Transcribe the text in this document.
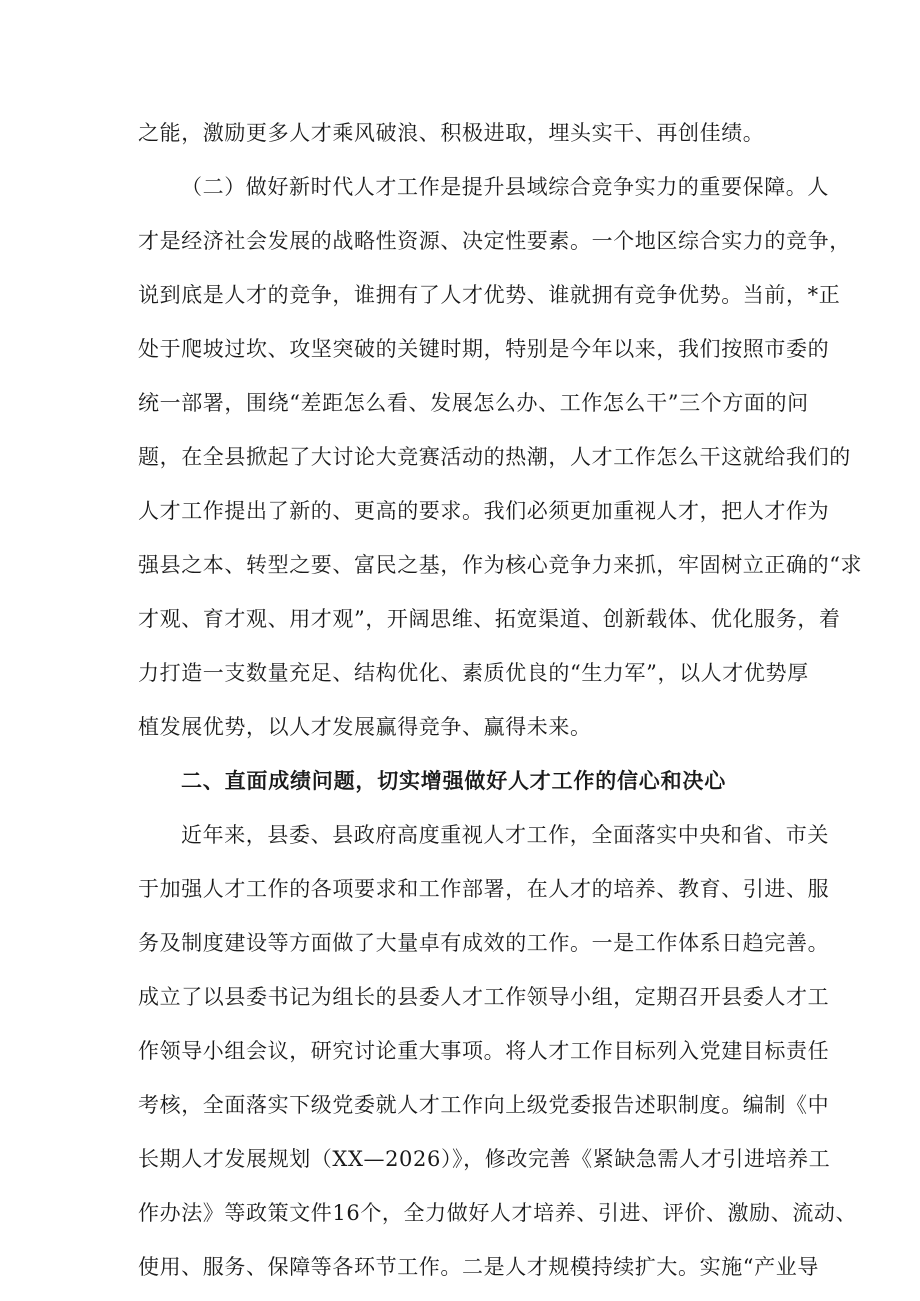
之能，激励更多人才乘风破浪、积极进取，埋头实干、再创佳绩。
（二）做好新时代人才工作是提升县域综合竞争实力的重要保障。人
才是经济社会发展的战略性资源、决定性要素。一个地区综合实力的竞争，
说到底是人才的竞争，谁拥有了人才优势、谁就拥有竞争优势。当前，*正
处于爬坡过坎、攻坚突破的关键时期，特别是今年以来，我们按照市委的
统一部署，围绕“差距怎么看、发展怎么办、工作怎么干”三个方面的问
题，在全县掀起了大讨论大竞赛活动的热潮，人才工作怎么干这就给我们的
人才工作提出了新的、更高的要求。我们必须更加重视人才，把人才作为
强县之本、转型之要、富民之基，作为核心竞争力来抓，牢固树立正确的“求
才观、育才观、用才观”，开阔思维、拓宽渠道、创新载体、优化服务，着
力打造一支数量充足、结构优化、素质优良的“生力军”，以人才优势厚
植发展优势，以人才发展赢得竞争、赢得未来。
二、直面成绩问题，切实增强做好人才工作的信心和决心
近年来，县委、县政府高度重视人才工作，全面落实中央和省、市关
于加强人才工作的各项要求和工作部署，在人才的培养、教育、引进、服
务及制度建设等方面做了大量卓有成效的工作。一是工作体系日趋完善。
成立了以县委书记为组长的县委人才工作领导小组，定期召开县委人才工
作领导小组会议，研究讨论重大事项。将人才工作目标列入党建目标责任
考核，全面落实下级党委就人才工作向上级党委报告述职制度。编制《中
长期人才发展规划（XX—2026）》，修改完善《紧缺急需人才引进培养工
作办法》等政策文件16个，全力做好人才培养、引进、评价、激励、流动、
使用、服务、保障等各环节工作。二是人才规模持续扩大。实施“产业导
